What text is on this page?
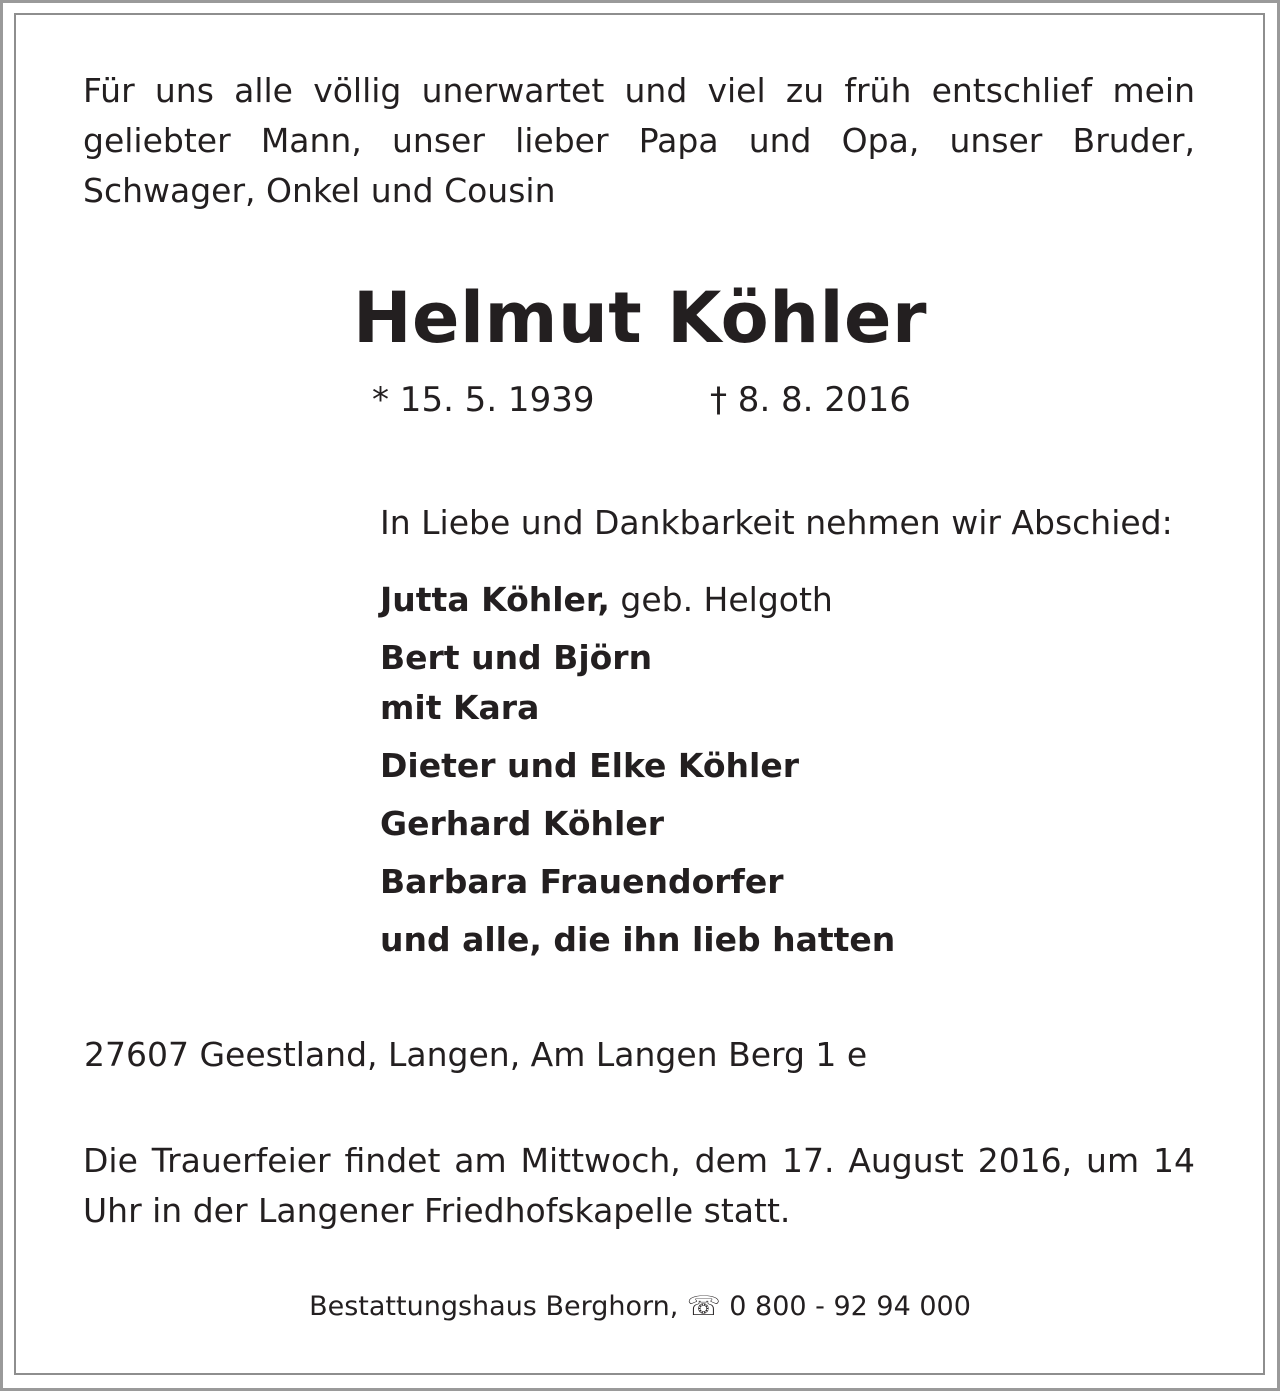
Für uns alle völlig unerwartet und viel zu früh entschlief mein geliebter Mann, unser lieber Papa und Opa, unser Bruder, Schwager, Onkel und Cousin

Helmut Köhler
* 15. 5. 1939	† 8. 8. 2016

In Liebe und Dankbarkeit nehmen wir Abschied:

Jutta Köhler, geb. Helgoth

Bert und Björn

mit Kara

Dieter und Elke Köhler

Gerhard Köhler

Barbara Frauendorfer

und alle, die ihn lieb hatten

27607 Geestland, Langen, Am Langen Berg 1 e

Die Trauerfeier findet am Mittwoch, dem 17. August 2016, um 14 Uhr in der Langener Friedhofskapelle statt.

Bestattungshaus Berghorn, ☏ 0 800 - 92 94 000
